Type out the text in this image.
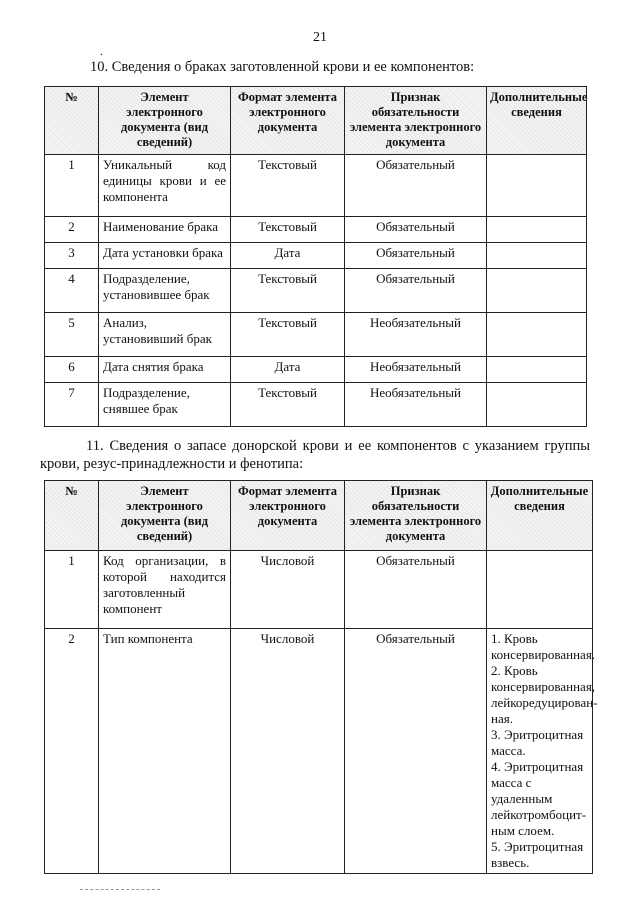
21
.
10. Сведения о браках заготовленной крови и ее компонентов:
№	Элемент электронного документа (вид сведений)	Формат элемента электронного документа	Признак обязательности элемента электронного документа	Дополнительные сведения
1	Уникальный код единицы крови и ее компонента	Текстовый	Обязательный	
2	Наименование брака	Текстовый	Обязательный	
3	Дата установки брака	Дата	Обязательный	
4	Подразделение, установившее брак	Текстовый	Обязательный	
5	Анализ, установивший брак	Текстовый	Необязательный	
6	Дата снятия брака	Дата	Необязательный	
7	Подразделение, снявшее брак	Текстовый	Необязательный	
11. Сведения о запасе донорской крови и ее компонентов с указанием группы крови, резус-принадлежности и фенотипа:
№	Элемент электронного документа (вид сведений)	Формат элемента электронного документа	Признак обязательности элемента электронного документа	Дополнительные сведения
1	Код организации, в которой находится заготовленный компонент	Числовой	Обязательный	
2	Тип компонента	Числовой	Обязательный	1. Кровь консервированная.
2. Кровь консервированная, лейкоредуцирован-ная.
3. Эритроцитная масса.
4. Эритроцитная масса с удаленным лейкотромбоцит-ным слоем.
5. Эритроцитная взвесь.
